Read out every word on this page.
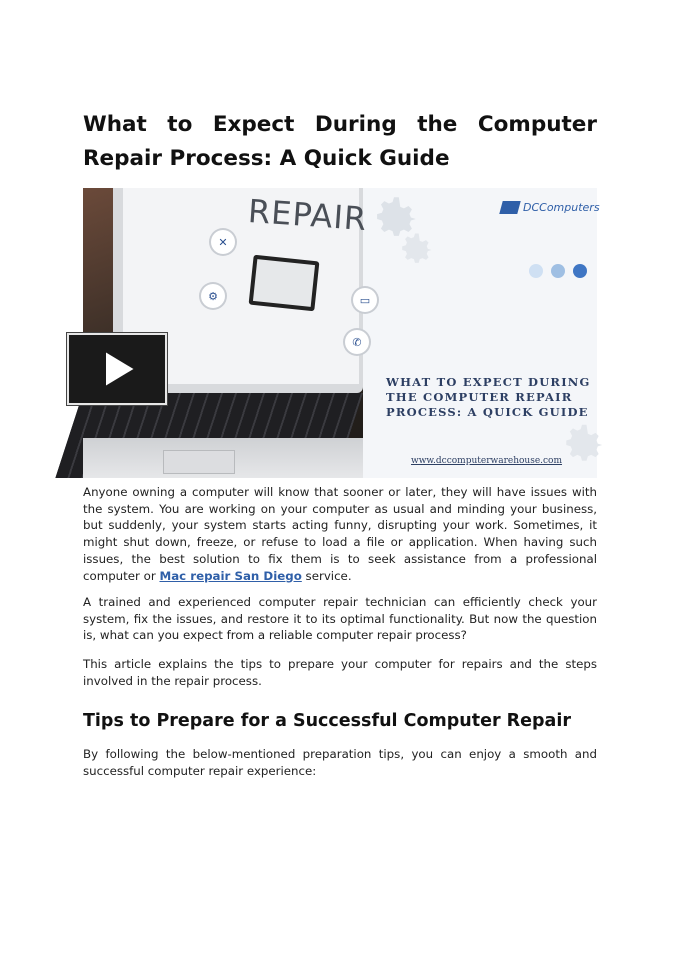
What to Expect During the Computer Repair Process: A Quick Guide
REPAIR
✕
⚙	▭
✆
DCComputers
WHAT TO EXPECT DURING
THE COMPUTER REPAIR
PROCESS: A QUICK GUIDE
www.dccomputerwarehouse.com

Anyone owning a computer will know that sooner or later, they will have issues with the system. You are working on your computer as usual and minding your business, but suddenly, your system starts acting funny, disrupting your work. Sometimes, it might shut down, freeze, or refuse to load a file or application. When having such issues, the best solution to fix them is to seek assistance from a professional computer or Mac repair San Diego service.

A trained and experienced computer repair technician can efficiently check your system, fix the issues, and restore it to its optimal functionality. But now the question is, what can you expect from a reliable computer repair process?

This article explains the tips to prepare your computer for repairs and the steps involved in the repair process.

Tips to Prepare for a Successful Computer Repair

By following the below-mentioned preparation tips, you can enjoy a smooth and successful computer repair experience:
